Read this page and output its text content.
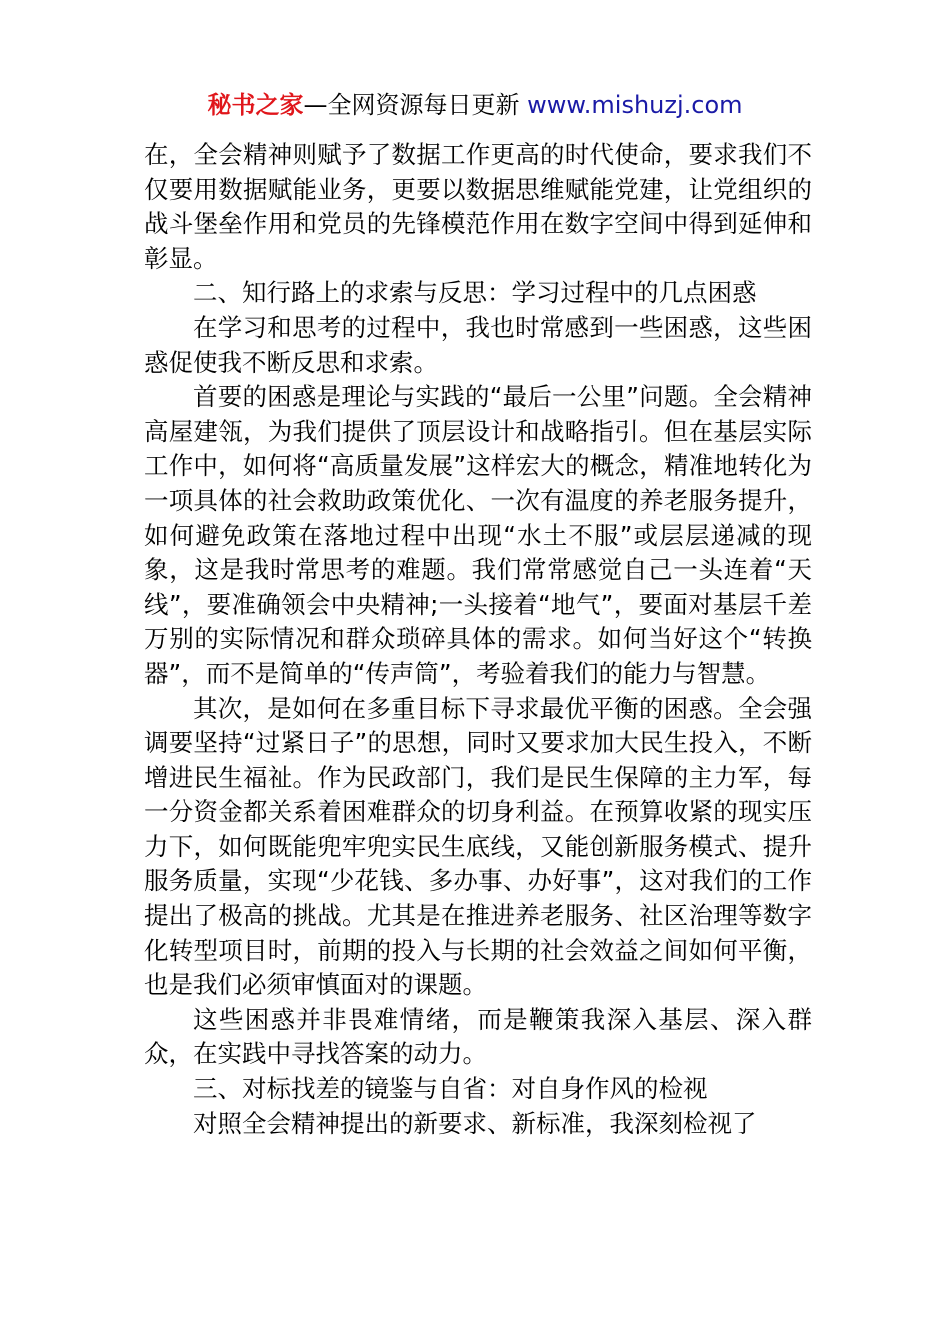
秘书之家—全网资源每日更新 www.mishuzj.com

在，全会精神则赋予了数据工作更高的时代使命，要求我们不仅要用数据赋能业务，更要以数据思维赋能党建，让党组织的战斗堡垒作用和党员的先锋模范作用在数字空间中得到延伸和彰显。

二、知行路上的求索与反思：学习过程中的几点困惑

在学习和思考的过程中，我也时常感到一些困惑，这些困惑促使我不断反思和求索。

首要的困惑是理论与实践的“最后一公里”问题。全会精神高屋建瓴，为我们提供了顶层设计和战略指引。但在基层实际工作中，如何将“高质量发展”这样宏大的概念，精准地转化为一项具体的社会救助政策优化、一次有温度的养老服务提升，如何避免政策在落地过程中出现“水土不服”或层层递减的现象，这是我时常思考的难题。我们常常感觉自己一头连着“天线”，要准确领会中央精神;一头接着“地气”，要面对基层千差万别的实际情况和群众琐碎具体的需求。如何当好这个“转换器”，而不是简单的“传声筒”，考验着我们的能力与智慧。

其次，是如何在多重目标下寻求最优平衡的困惑。全会强调要坚持“过紧日子”的思想，同时又要求加大民生投入，不断增进民生福祉。作为民政部门，我们是民生保障的主力军，每一分资金都关系着困难群众的切身利益。在预算收紧的现实压力下，如何既能兜牢兜实民生底线，又能创新服务模式、提升服务质量，实现“少花钱、多办事、办好事”，这对我们的工作提出了极高的挑战。尤其是在推进养老服务、社区治理等数字化转型项目时，前期的投入与长期的社会效益之间如何平衡，也是我们必须审慎面对的课题。

这些困惑并非畏难情绪，而是鞭策我深入基层、深入群众，在实践中寻找答案的动力。

三、对标找差的镜鉴与自省：对自身作风的检视

对照全会精神提出的新要求、新标准，我深刻检视了
